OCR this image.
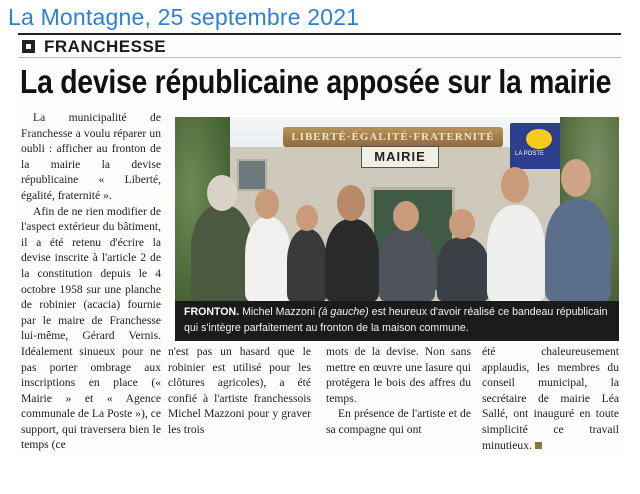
La Montagne, 25 septembre 2021
FRANCHESSE
La devise républicaine apposée sur la mairie

La municipalité de Franchesse a voulu réparer un oubli : afficher au fronton de la mairie la devise républicaine « Liberté, égalité, fraternité ».

Afin de ne rien modifier de l'aspect extérieur du bâtiment, il a été retenu d'écrire la devise inscrite à l'article 2 de la constitution depuis le 4 octobre 1958 sur une planche de robinier (acacia) fournie par le maire de Franchesse lui-même, Gérard Vernis. Idéalement sinueux pour ne pas porter ombrage aux inscriptions en place (« Mairie » et « Agence communale de La Poste »), ce support, qui traversera bien le temps (ce

LIBERTÉ·ÉGALITÉ·FRATERNITÉ
MAIRIE	LA POSTE
FRONTON. Michel Mazzoni (à gauche) est heureux d'avoir réalisé ce bandeau républicain qui s'intègre parfaitement au fronton de la maison commune.

n'est pas un hasard que le robinier est utilisé pour les clôtures agricoles), a été confié à l'artiste franchessois Michel Mazzoni pour y graver les trois

mots de la devise. Non sans mettre en œuvre une lasure qui protégera le bois des affres du temps.

En présence de l'artiste et de sa compagne qui ont

été chaleureusement applaudis, les membres du conseil municipal, la secrétaire de mairie Léa Sallé, ont inauguré en toute simplicité ce travail minutieux.
